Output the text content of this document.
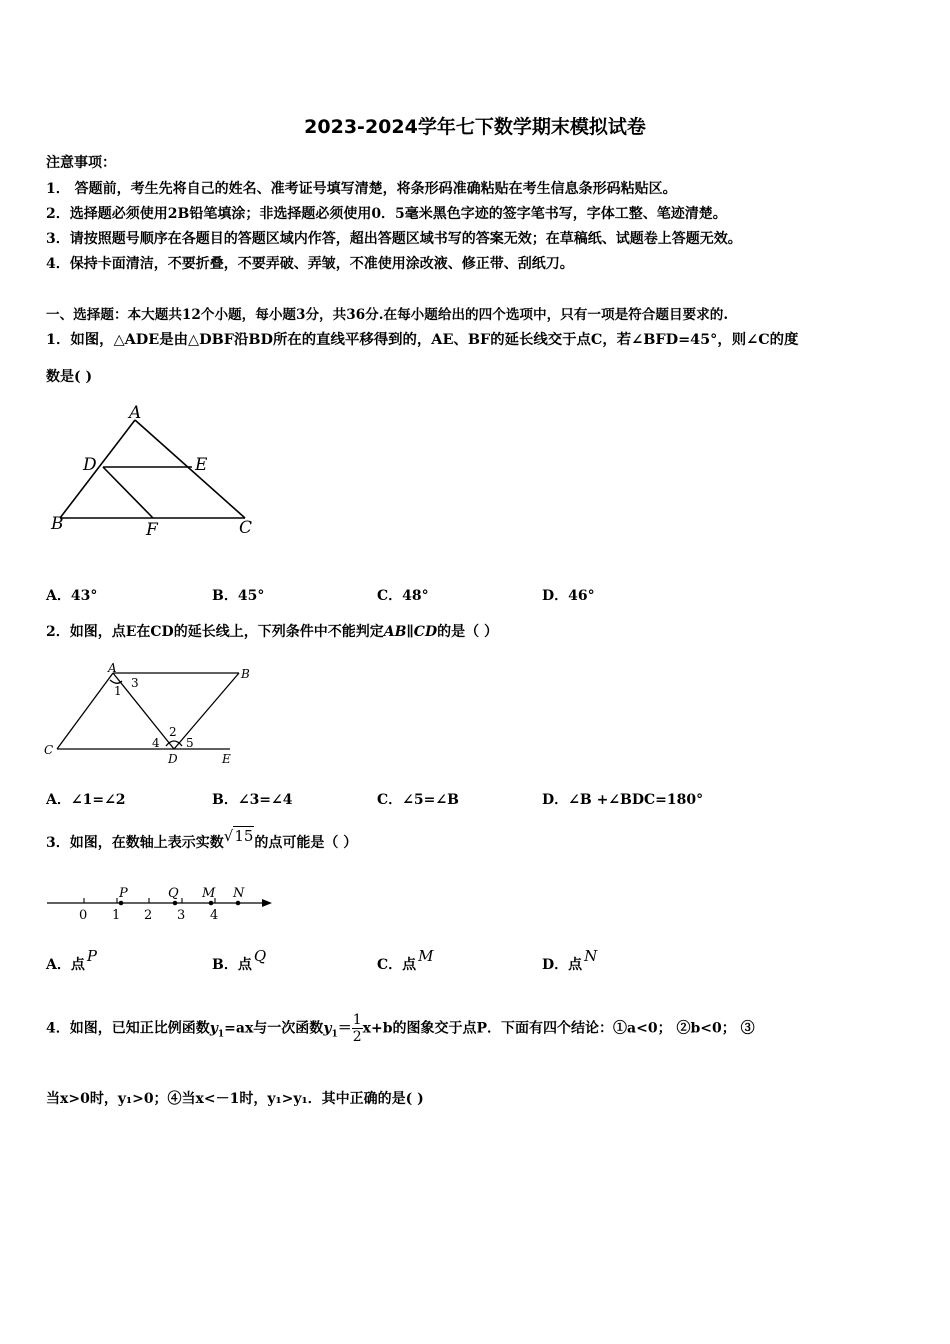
2023-2024学年七下数学期末模拟试卷
注意事项：
1． 答题前，考生先将自己的姓名、准考证号填写清楚，将条形码准确粘贴在考生信息条形码粘贴区。
2．选择题必须使用2B铅笔填涂；非选择题必须使用0．5毫米黑色字迹的签字笔书写，字体工整、笔迹清楚。
3．请按照题号顺序在各题目的答题区域内作答，超出答题区域书写的答案无效；在草稿纸、试题卷上答题无效。
4．保持卡面清洁，不要折叠，不要弄破、弄皱，不准使用涂改液、修正带、刮纸刀。
一、选择题：本大题共12个小题，每小题3分，共36分.在每小题给出的四个选项中，只有一项是符合题目要求的.
1．如图，△ADE是由△DBF沿BD所在的直线平移得到的，AE、BF的延长线交于点C，若∠BFD=45°，则∠C的度
数是( )
A
D	E
B	F	C
A．43°	B．45°	C．48°	D．46°
2．如图，点E在CD的延长线上，下列条件中不能判定AB∥CD的是（ ）
A	B
1
3
2
4 5
C
D	E
A．∠1=∠2	B．∠3=∠4	C．∠5=∠B	D．∠B +∠BDC=180°
3．如图，在数轴上表示实数√15的点可能是（ ）
0 1 2 3 4
P	Q M N
A．点 P	B．点 Q	C．点 M	D．点 N
4．如图，已知正比例函数$y_1=ax$与一次函数$y_1= \frac{1}{2} x+b$的图象交于点P．下面有四个结论：①a<0； ②b<0； ③
当x>0时，y₁>0；④当x<－1时，y₁>y₁．其中正确的是( )
